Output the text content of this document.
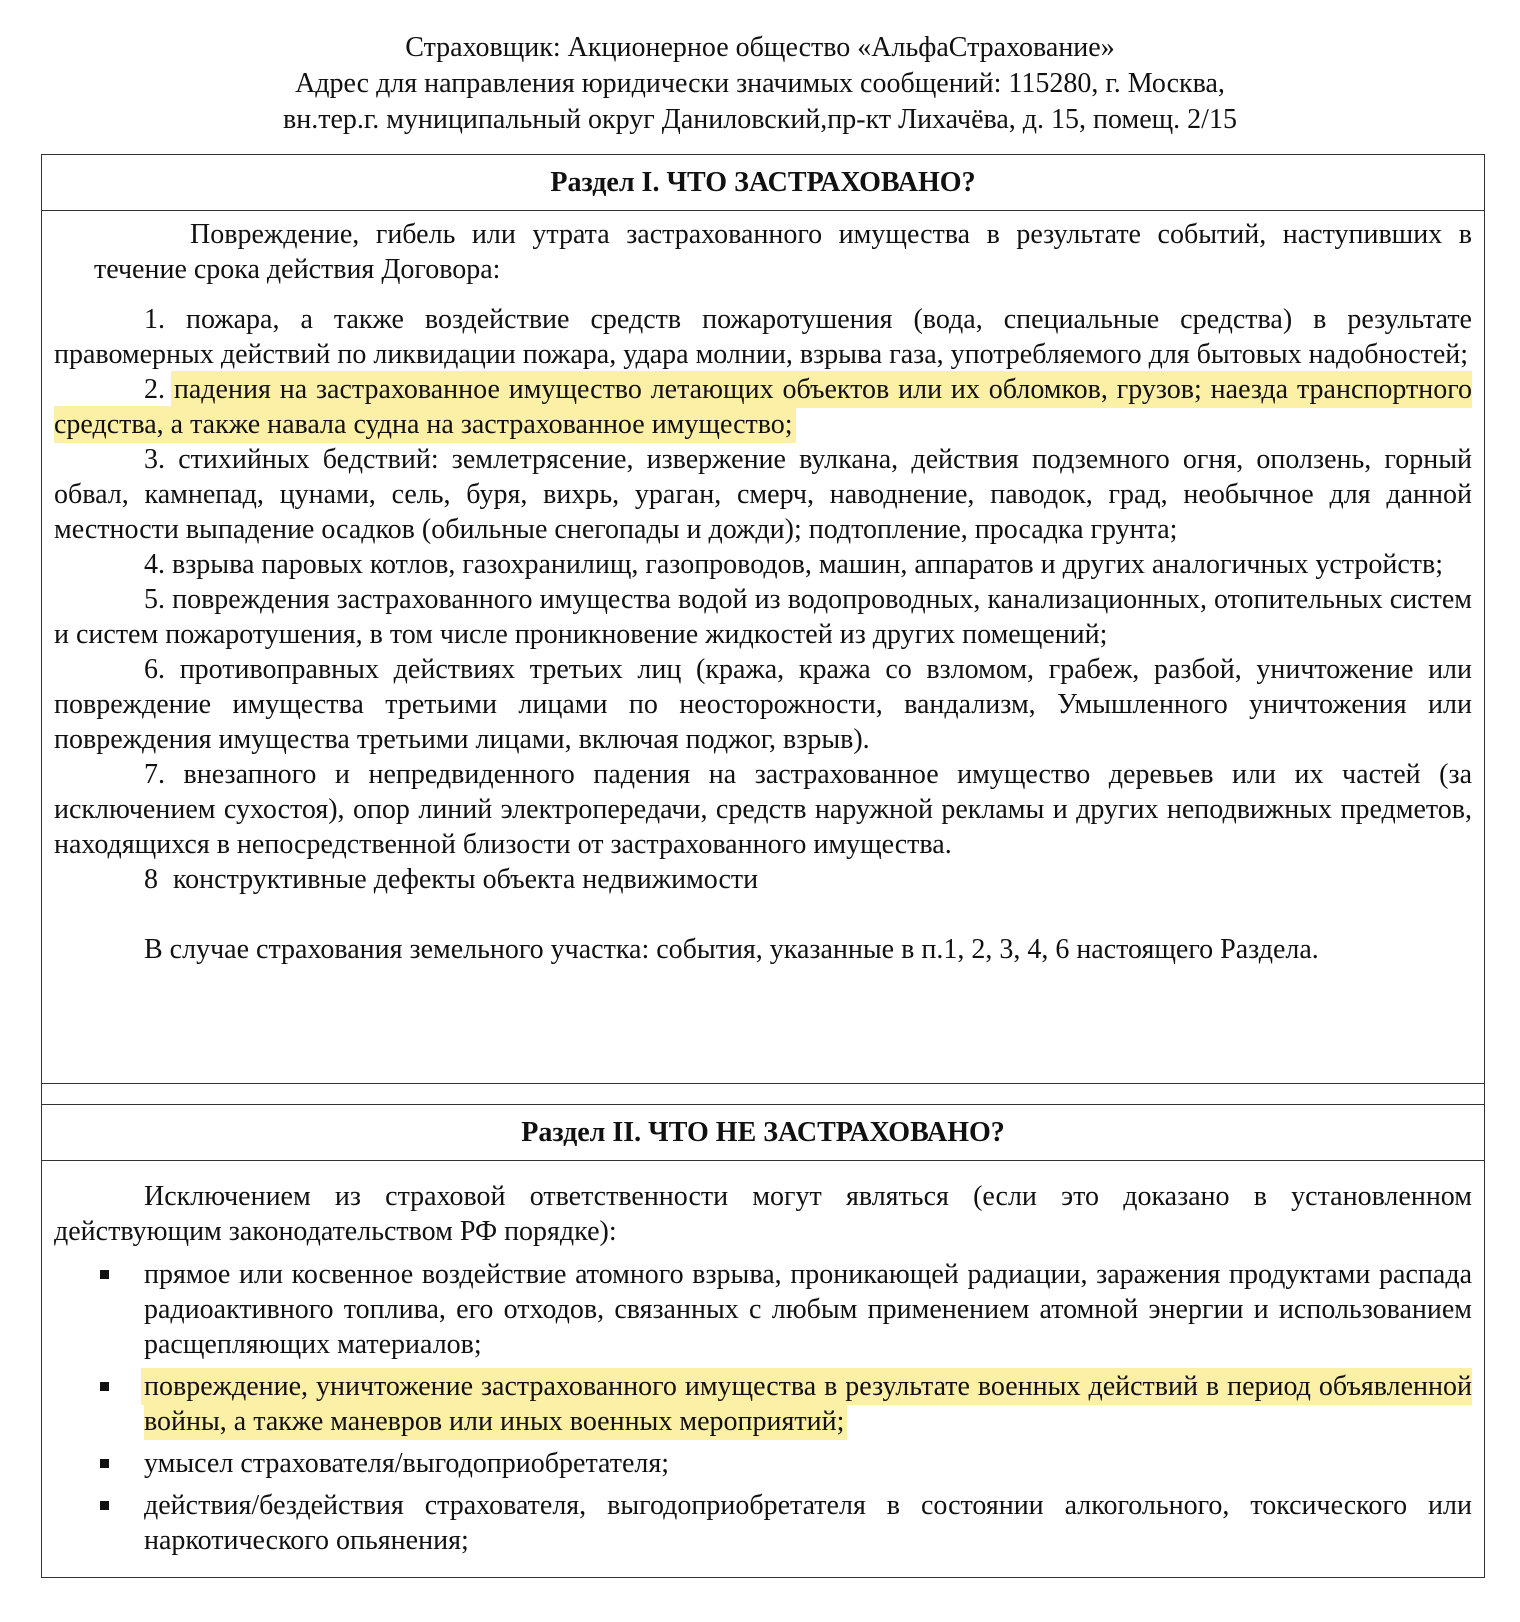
Страховщик: Акционерное общество «АльфаСтрахование»
Адрес для направления юридически значимых сообщений: 115280, г. Москва,
вн.тер.г. муниципальный округ Даниловский,пр-кт Лихачёва, д. 15, помещ. 2/15
Раздел I. ЧТО ЗАСТРАХОВАНО?

Повреждение, гибель или утрата застрахованного имущества в результате событий, наступивших в течение срока действия Договора:

1. пожара, а также воздействие средств пожаротушения (вода, специальные средства) в результате правомерных действий по ликвидации пожара, удара молнии, взрыва газа, употребляемого для бытовых надобностей;

2. падения на застрахованное имущество летающих объектов или их обломков, грузов; наезда транспортного средства, а также навала судна на застрахованное имущество;

3. стихийных бедствий: землетрясение, извержение вулкана, действия подземного огня, оползень, горный обвал, камнепад, цунами, сель, буря, вихрь, ураган, смерч, наводнение, паводок, град, необычное для данной местности выпадение осадков (обильные снегопады и дожди); подтопление, просадка грунта;

4. взрыва паровых котлов, газохранилищ, газопроводов, машин, аппаратов и других аналогичных устройств;

5. повреждения застрахованного имущества водой из водопроводных, канализационных, отопительных систем и систем пожаротушения, в том числе проникновение жидкостей из других помещений;

6. противоправных действиях третьих лиц (кража, кража со взломом, грабеж, разбой, уничтожение или повреждение имущества третьими лицами по неосторожности, вандализм, Умышленного уничтожения или повреждения имущества третьими лицами, включая поджог, взрыв).

7. внезапного и непредвиденного падения на застрахованное имущество деревьев или их частей (за исключением сухостоя), опор линий электропередачи, средств наружной рекламы и других неподвижных предметов, находящихся в непосредственной близости от застрахованного имущества.

8 конструктивные дефекты объекта недвижимости

В случае страхования земельного участка: события, указанные в п.1, 2, 3, 4, 6 настоящего Раздела.

Раздел II. ЧТО НЕ ЗАСТРАХОВАНО?

Исключением из страховой ответственности могут являться (если это доказано в установленном действующим законодательством РФ порядке):

прямое или косвенное воздействие атомного взрыва, проникающей радиации, заражения продуктами распада радиоактивного топлива, его отходов, связанных с любым применением атомной энергии и использованием расщепляющих материалов;
повреждение, уничтожение застрахованного имущества в результате военных действий в период объявленной войны, а также маневров или иных военных мероприятий;
умысел страхователя/выгодоприобретателя;
действия/бездействия страхователя, выгодоприобретателя в состоянии алкогольного, токсического или наркотического опьянения;
